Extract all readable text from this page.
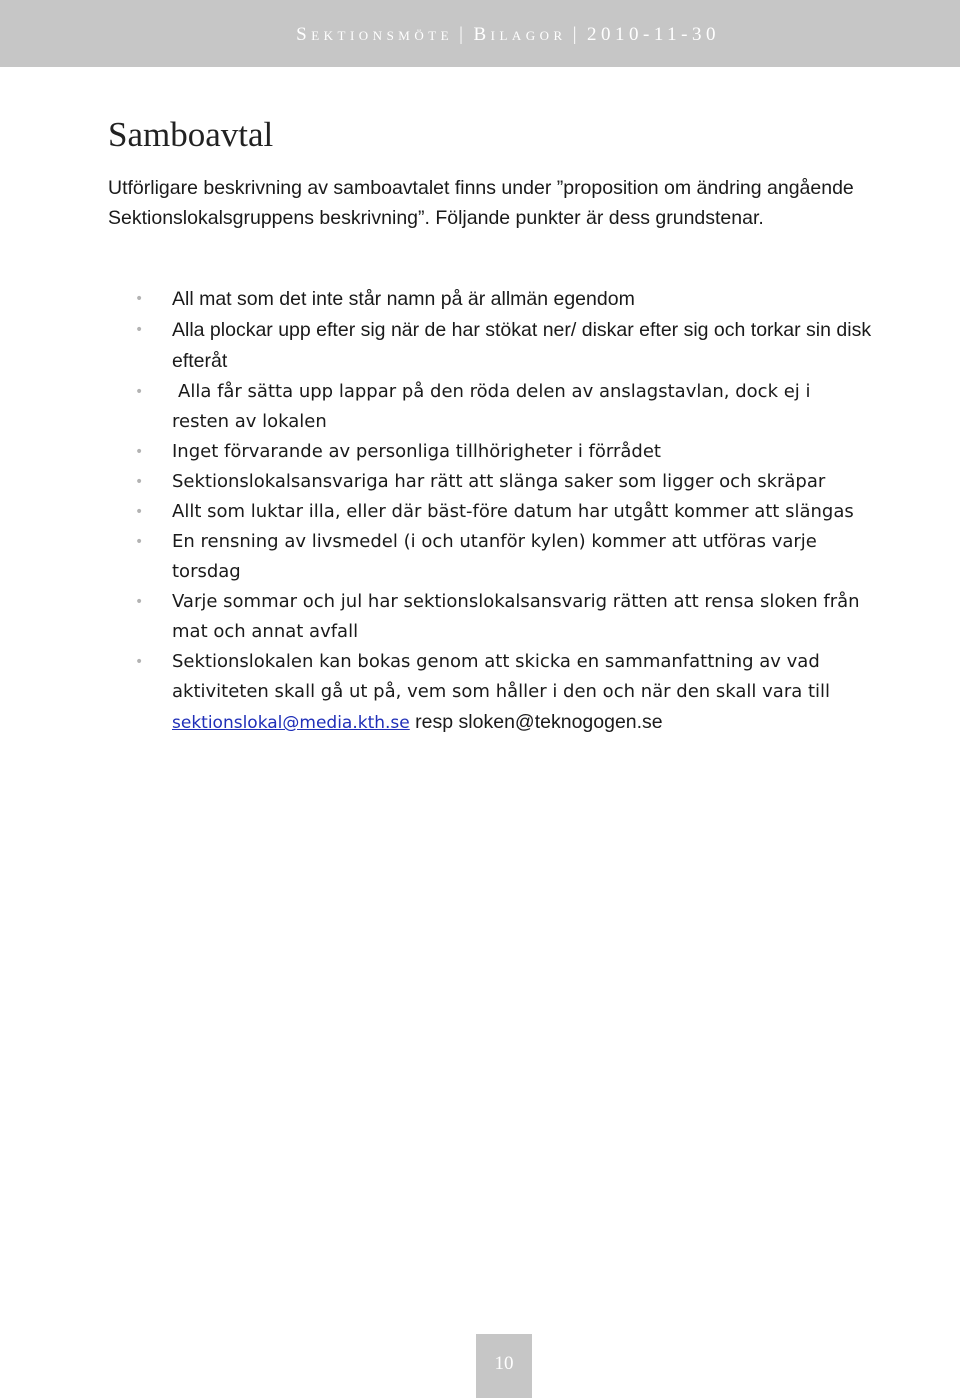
Sektionsmöte | Bilagor | 2010-11-30
Samboavtal

Utförligare beskrivning av samboavtalet finns under ”proposition om ändring angående Sektionslokalsgruppens beskrivning”. Följande punkter är dess grundstenar.

• All mat som det inte står namn på är allmän egendom
• Alla plockar upp efter sig när de har stökat ner/ diskar efter sig och torkar sin disk efteråt
• Alla får sätta upp lappar på den röda delen av anslagstavlan, dock ej i resten av lokalen
• Inget förvarande av personliga tillhörigheter i förrådet
• Sektionslokalsansvariga har rätt att slänga saker som ligger och skräpar
• Allt som luktar illa, eller där bäst-före datum har utgått kommer att slängas
• En rensning av livsmedel (i och utanför kylen) kommer att utföras varje torsdag
• Varje sommar och jul har sektionslokalsansvarig rätten att rensa sloken från mat och annat avfall
• Sektionslokalen kan bokas genom att skicka en sammanfattning av vad aktiviteten skall gå ut på, vem som håller i den och när den skall vara till sektionslokal@media.kth.se resp sloken@teknogogen.se
10
